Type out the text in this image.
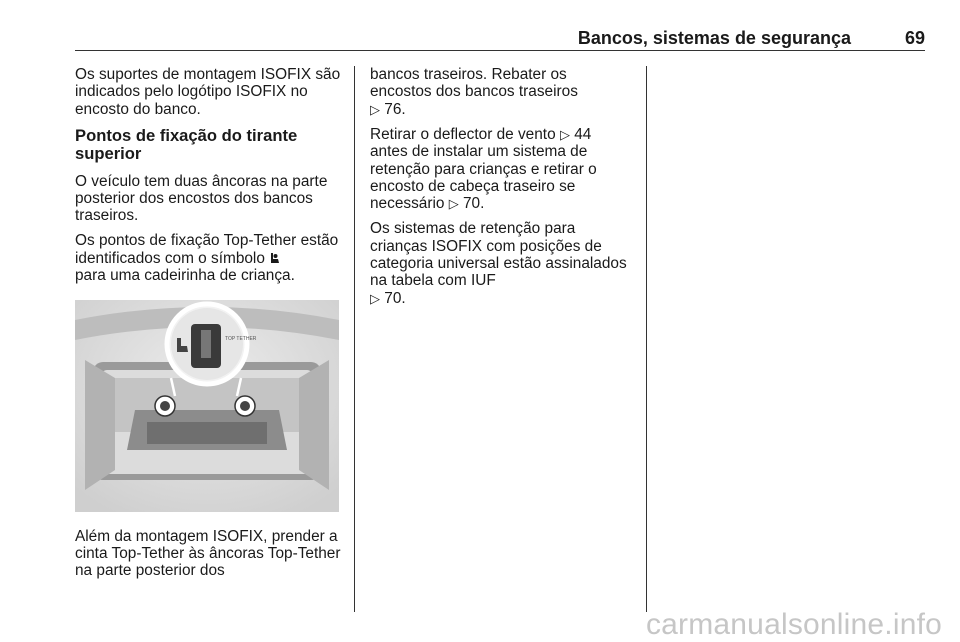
Bancos, sistemas de segurança	69

Os suportes de montagem ISOFIX são indicados pelo logótipo ISOFIX no encosto do banco.

Pontos de fixação do tirante superior

O veículo tem duas âncoras na parte posterior dos encostos dos bancos traseiros.

Os pontos de fixação Top-Tether estão identificados com o símbolo
para uma cadeirinha de criança.

TOP TETHER

Além da montagem ISOFIX, prender a cinta Top-Tether às âncoras Top-Tether na parte posterior dos

bancos traseiros. Rebater os encostos dos bancos traseiros
▷ 76.

Retirar o deflector de vento ▷ 44 antes de instalar um sistema de retenção para crianças e retirar o encosto de cabeça traseiro se necessário ▷ 70.

Os sistemas de retenção para crianças ISOFIX com posições de categoria universal estão assinalados na tabela com IUF
▷ 70.

carmanualsonline.info
